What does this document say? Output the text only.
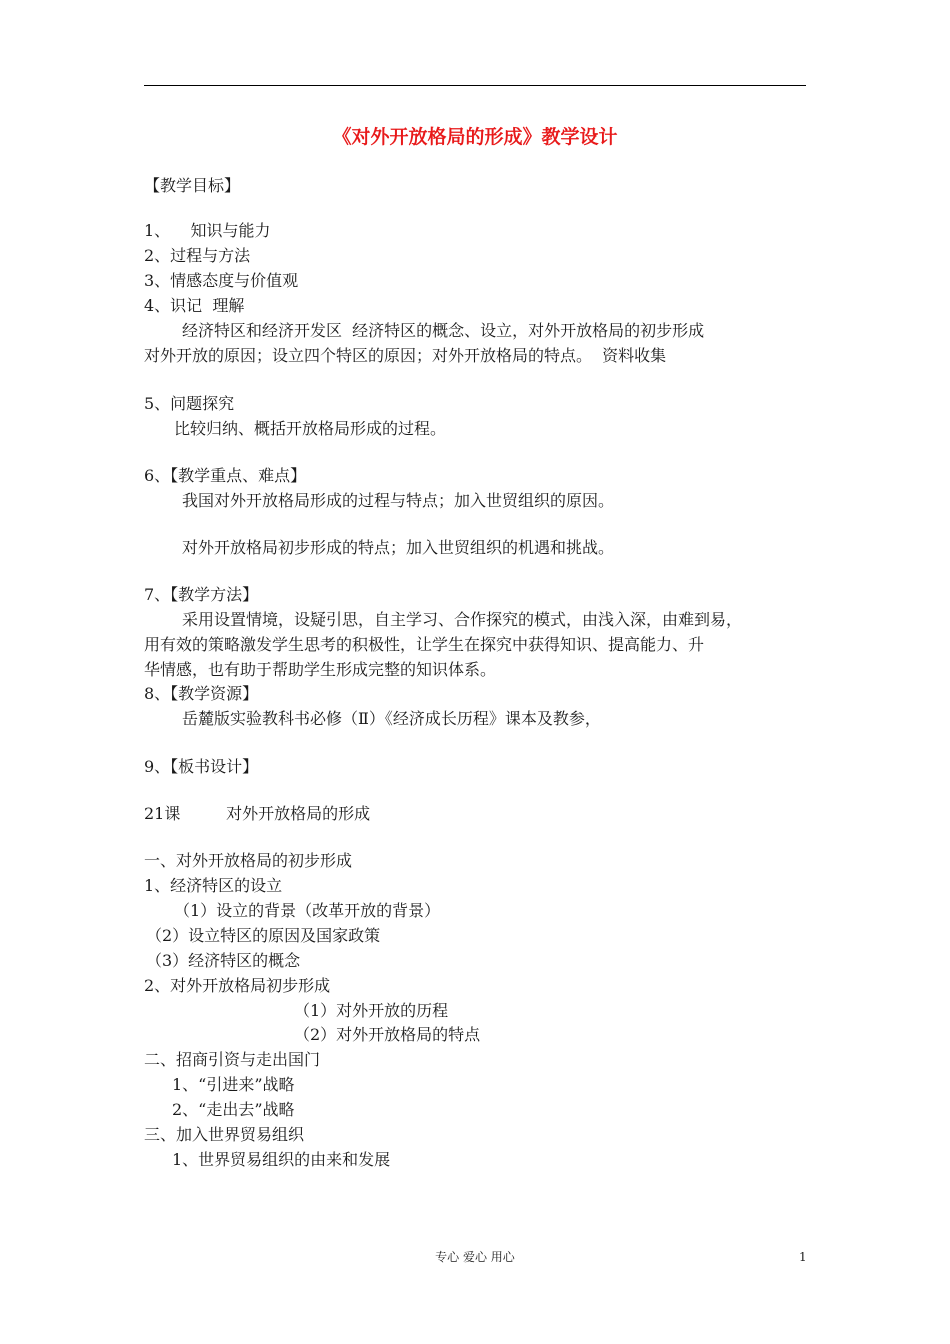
《对外开放格局的形成》教学设计
【教学目标】
1、    知识与能力
2、过程与方法
3、情感态度与价值观
4、识记  理解
经济特区和经济开发区  经济特区的概念、设立，对外开放格局的初步形成
对外开放的原因；设立四个特区的原因；对外开放格局的特点。  资料收集
5、问题探究
比较归纳、概括开放格局形成的过程。
6、【教学重点、难点】
我国对外开放格局形成的过程与特点；加入世贸组织的原因。
对外开放格局初步形成的特点；加入世贸组织的机遇和挑战。
7、【教学方法】
采用设置情境，设疑引思，自主学习、合作探究的模式，由浅入深，由难到易，
用有效的策略激发学生思考的积极性，让学生在探究中获得知识、提高能力、升
华情感，也有助于帮助学生形成完整的知识体系。
8、【教学资源】
岳麓版实验教科书必修（Ⅱ）《经济成长历程》课本及教参，
9、【板书设计】
21课         对外开放格局的形成
一、对外开放格局的初步形成
1、经济特区的设立
（1）设立的背景（改革开放的背景）
（2）设立特区的原因及国家政策
（3）经济特区的概念
2、对外开放格局初步形成
（1）对外开放的历程
（2）对外开放格局的特点
二、招商引资与走出国门
1、“引进来”战略
2、“走出去”战略
三、加入世界贸易组织
1、世界贸易组织的由来和发展
专心 爱心 用心	1
